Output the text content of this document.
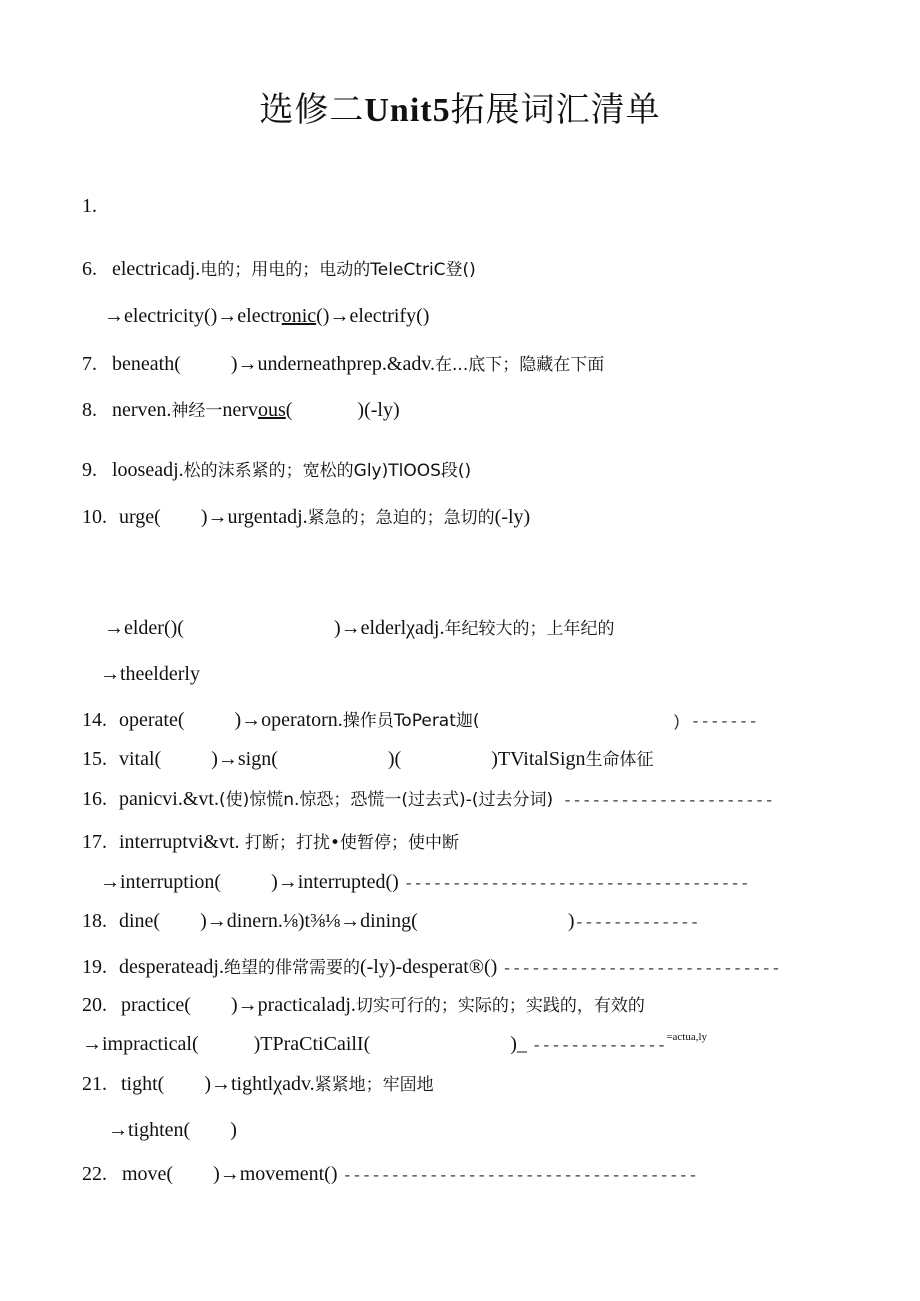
选修二Unit5拓展词汇清单
1.
6. electricadj.电的；用电的；电动的TeleCtriC登()
→electricity()→electronic()→electrify()
7. beneath(          )→underneathprep.&adv.在...底下；隐藏在下面
8. nerven.神经一nervous(             )(-ly)
9. looseadj.松的沫系紧的；宽松的Gly)TlOOS段()
10. urge(        )→urgentadj.紧急的；急迫的；急切的(-ly)
→elder()(                              )→elderlχadj.年纪较大的；上年纪的
→theelderly
14. operate(          )→operatorn.操作员ToPerat迦(                    ) -------
15. vital(          )→sign(                      )(                  )TVitalSign生命体征
16. panicvi.&vt.(使)惊慌n.惊恐；恐慌一(过去式)-(过去分词) ----------------------
17. interruptvi&vt. 打断；打扰•使暂停；使中断
→interruption(          )→interrupted() ------------------------------------
18. dine(        )→dinern.⅛)t⅜⅛→dining(                              )-------------
19. desperateadj.绝望的俳常需要的(-ly)-desperat®() -----------------------------
20. practice(        )→practicaladj.切实可行的；实际的；实践的，有效的
→impractical(           )TPraCtiCailI(                            )_ --------------$^{=actua,ly}$
21. tight(        )→tightlχadv.紧紧地；牢固地
→tighten(        )
22. move(        )→movement() -------------------------------------
